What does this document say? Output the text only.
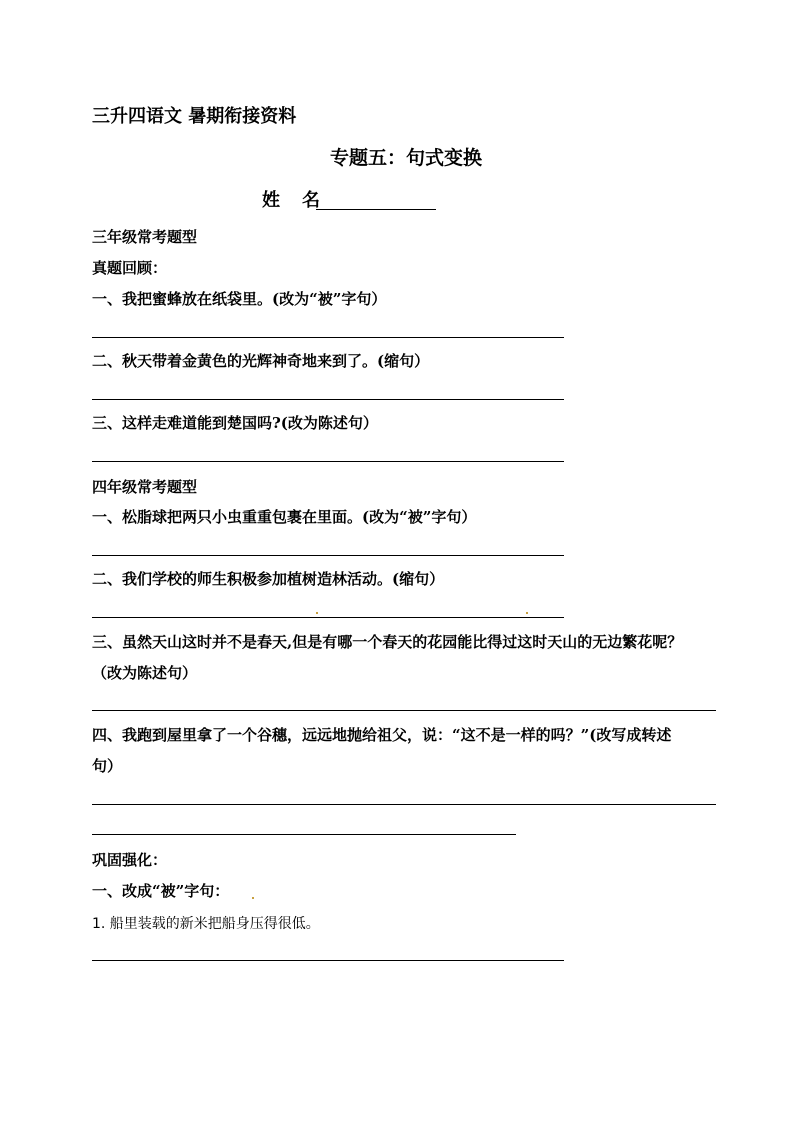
三升四语文 暑期衔接资料
专题五：句式变换
姓　名
三年级常考题型
真题回顾：
一、我把蜜蜂放在纸袋里。(改为“被”字句）
二、秋天带着金黄色的光辉神奇地来到了。(缩句）
三、这样走难道能到楚国吗?(改为陈述句）
四年级常考题型
一、松脂球把两只小虫重重包裹在里面。(改为“被”字句）
二、我们学校的师生积极参加植树造林活动。(缩句）
三、虽然天山这时并不是春天,但是有哪一个春天的花园能比得过这时天山的无边繁花呢？
（改为陈述句）
四、我跑到屋里拿了一个谷穗，远远地抛给祖父，说：“这不是一样的吗？”(改写成转述
句）
巩固强化：
一、改成“被”字句：
1. 船里装载的新米把船身压得很低。
